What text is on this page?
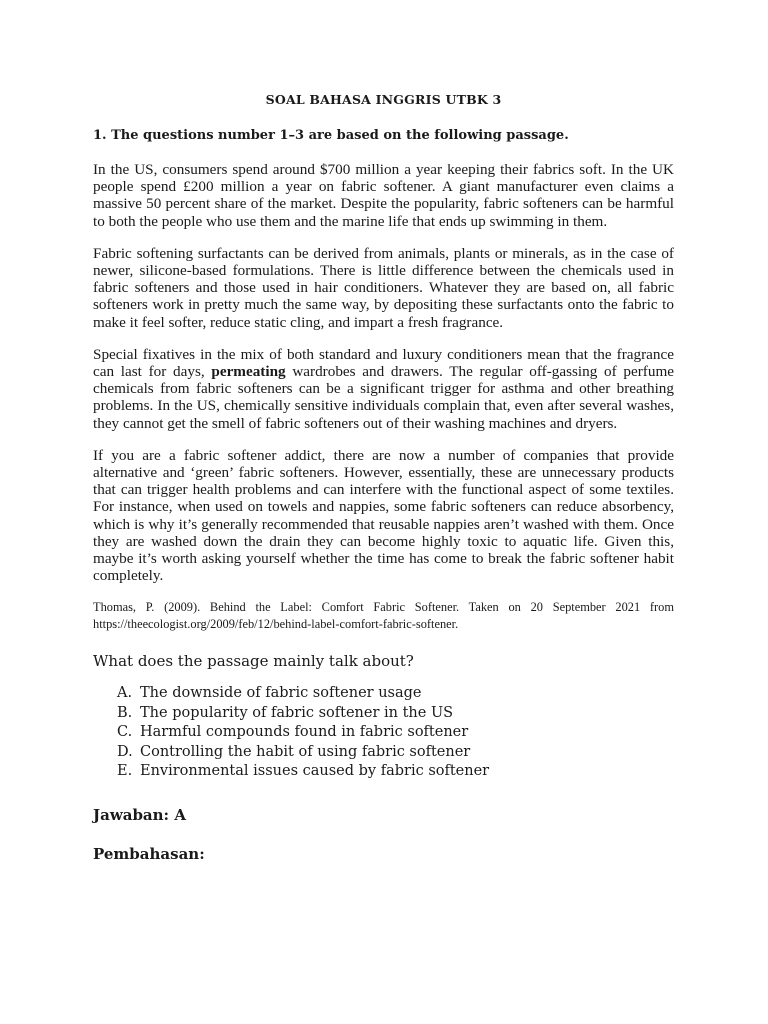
SOAL BAHASA INGGRIS UTBK 3

1. The questions number 1–3 are based on the following passage.

In the US, consumers spend around $700 million a year keeping their fabrics soft. In the UK people spend £200 million a year on fabric softener. A giant manufacturer even claims a massive 50 percent share of the market. Despite the popularity, fabric softeners can be harmful to both the people who use them and the marine life that ends up swimming in them.

Fabric softening surfactants can be derived from animals, plants or minerals, as in the case of newer, silicone-based formulations. There is little difference between the chemicals used in fabric softeners and those used in hair conditioners. Whatever they are based on, all fabric softeners work in pretty much the same way, by depositing these surfactants onto the fabric to make it feel softer, reduce static cling, and impart a fresh fragrance.

Special fixatives in the mix of both standard and luxury conditioners mean that the fragrance can last for days, permeating wardrobes and drawers. The regular off-gassing of perfume chemicals from fabric softeners can be a significant trigger for asthma and other breathing problems. In the US, chemically sensitive individuals complain that, even after several washes, they cannot get the smell of fabric softeners out of their washing machines and dryers.

If you are a fabric softener addict, there are now a number of companies that provide alternative and ‘green’ fabric softeners. However, essentially, these are unnecessary products that can trigger health problems and can interfere with the functional aspect of some textiles. For instance, when used on towels and nappies, some fabric softeners can reduce absorbency, which is why it’s generally recommended that reusable nappies aren’t washed with them. Once they are washed down the drain they can become highly toxic to aquatic life. Given this, maybe it’s worth asking yourself whether the time has come to break the fabric softener habit completely.

Thomas, P. (2009). Behind the Label: Comfort Fabric Softener. Taken on 20 September 2021 from https://theecologist.org/2009/feb/12/behind-label-comfort-fabric-softener.

What does the passage mainly talk about?

A. The downside of fabric softener usage
B. The popularity of fabric softener in the US
C. Harmful compounds found in fabric softener
D. Controlling the habit of using fabric softener
E. Environmental issues caused by fabric softener

Jawaban: A

Pembahasan:
